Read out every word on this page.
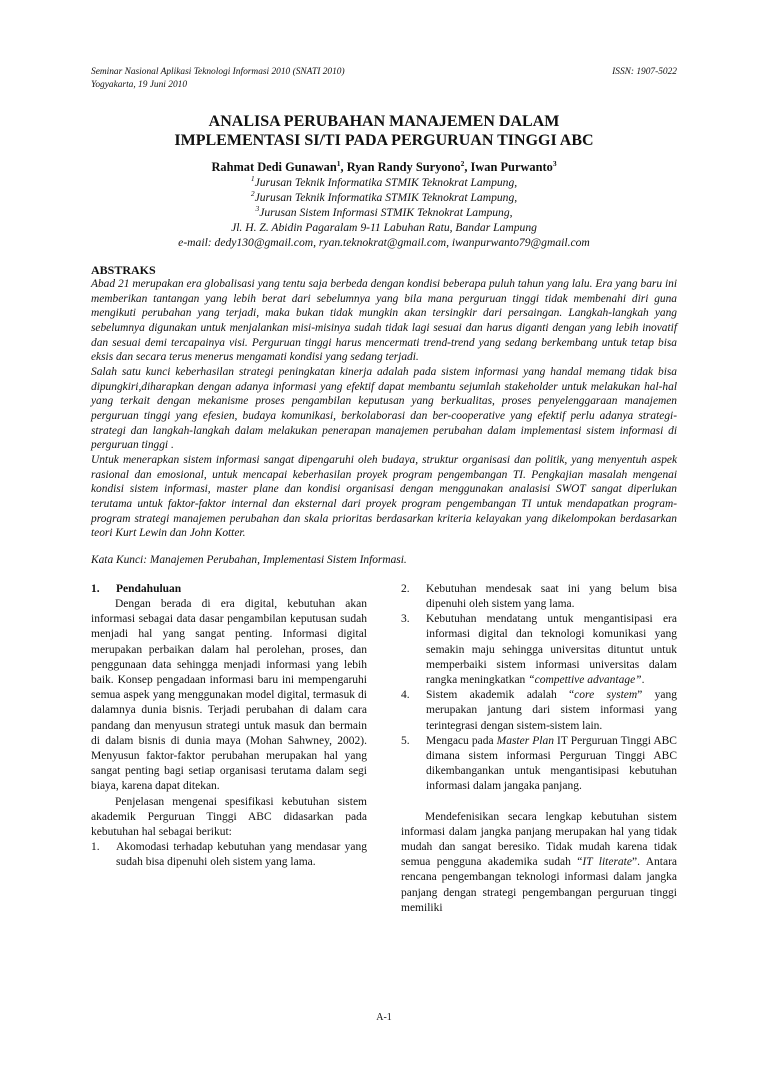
Seminar Nasional Aplikasi Teknologi Informasi 2010 (SNATI 2010)
Yogyakarta, 19 Juni 2010
ISSN: 1907-5022
ANALISA PERUBAHAN MANAJEMEN DALAM
IMPLEMENTASI SI/TI PADA PERGURUAN TINGGI ABC
Rahmat Dedi Gunawan$^1$, Ryan Randy Suryono$^2$, Iwan Purwanto$^3$
$^1$Jurusan Teknik Informatika STMIK Teknokrat Lampung,
$^2$Jurusan Teknik Informatika STMIK Teknokrat Lampung,
$^3$Jurusan Sistem Informasi STMIK Teknokrat Lampung,
Jl. H. Z. Abidin Pagaralam 9-11 Labuhan Ratu, Bandar Lampung
e-mail: dedy130@gmail.com, ryan.teknokrat@gmail.com, iwanpurwanto79@gmail.com
ABSTRAKS

Abad 21 merupakan era globalisasi yang tentu saja berbeda dengan kondisi beberapa puluh tahun yang lalu. Era yang baru ini memberikan tantangan yang lebih berat dari sebelumnya yang bila mana perguruan tinggi tidak membenahi diri guna mengikuti perubahan yang terjadi, maka bukan tidak mungkin akan tersingkir dari persaingan. Langkah-langkah yang sebelumnya digunakan untuk menjalankan misi-misinya sudah tidak lagi sesuai dan harus diganti dengan yang lebih inovatif dan sesuai demi tercapainya visi. Perguruan tinggi harus mencermati trend-trend yang sedang berkembang untuk tetap bisa eksis dan secara terus menerus mengamati kondisi yang sedang terjadi.

Salah satu kunci keberhasilan strategi peningkatan kinerja adalah pada sistem informasi yang handal memang tidak bisa dipungkiri,diharapkan dengan adanya informasi yang efektif dapat membantu sejumlah stakeholder untuk melakukan hal-hal yang terkait dengan mekanisme proses pengambilan keputusan yang berkualitas, proses penyelenggaraan manajemen perguruan tinggi yang efesien, budaya komunikasi, berkolaborasi dan ber-cooperative yang efektif perlu adanya strategi-strategi dan langkah-langkah dalam melakukan penerapan manajemen perubahan dalam implementasi sistem informasi di perguruan tinggi .

Untuk menerapkan sistem informasi sangat dipengaruhi oleh budaya, struktur organisasi dan politik, yang menyentuh aspek rasional dan emosional, untuk mencapai keberhasilan proyek program pengembangan TI. Pengkajian masalah mengenai kondisi sistem informasi, master plane dan kondisi organisasi dengan menggunakan analasisi SWOT sangat diperlukan terutama untuk faktor-faktor internal dan eksternal dari proyek program pengembangan TI untuk mendapatkan program-program strategi manajemen perubahan dan skala prioritas berdasarkan kriteria kelayakan yang dikelompokan berdasarkan teori Kurt Lewin dan John Kotter.

Kata Kunci: Manajemen Perubahan, Implementasi Sistem Informasi.
1.	Pendahuluan

Dengan berada di era digital, kebutuhan akan informasi sebagai data dasar pengambilan keputusan sudah menjadi hal yang sangat penting. Informasi digital merupakan perbaikan dalam hal perolehan, proses, dan penggunaan data sehingga menjadi informasi yang lebih baik. Konsep pengadaan informasi baru ini mempengaruhi semua aspek yang menggunakan model digital, termasuk di dalamnya dunia bisnis. Terjadi perubahan di dalam cara pandang dan menyusun strategi untuk masuk dan bermain di dalam bisnis di dunia maya (Mohan Sahwney, 2002). Menyusun faktor-faktor perubahan merupakan hal yang sangat penting bagi setiap organisasi terutama dalam segi biaya, karena dapat ditekan.

Penjelasan mengenai spesifikasi kebutuhan sistem akademik Perguruan Tinggi ABC didasarkan pada kebutuhan hal sebagai berikut:

1.	Akomodasi terhadap kebutuhan yang mendasar yang sudah bisa dipenuhi oleh sistem yang lama.
2.	Kebutuhan mendesak saat ini yang belum bisa dipenuhi oleh sistem yang lama.
3.	Kebutuhan mendatang untuk mengantisipasi era informasi digital dan teknologi komunikasi yang semakin maju sehingga universitas dituntut untuk memperbaiki sistem informasi universitas dalam rangka meningkatkan “compettive advantage”.
4.	Sistem akademik adalah “core system” yang merupakan jantung dari sistem informasi yang terintegrasi dengan sistem-sistem lain.
5.	Mengacu pada Master Plan IT Perguruan Tinggi ABC dimana sistem informasi Perguruan Tinggi ABC dikembangankan untuk mengantisipasi kebutuhan informasi dalam jangaka panjang.

Mendefenisikan secara lengkap kebutuhan sistem informasi dalam jangka panjang merupakan hal yang tidak mudah dan sangat beresiko. Tidak mudah karena tidak semua pengguna akademika sudah “IT literate”. Antara rencana pengembangan teknologi informasi dalam jangka panjang dengan strategi pengembangan perguruan tinggi memiliki

A-1
